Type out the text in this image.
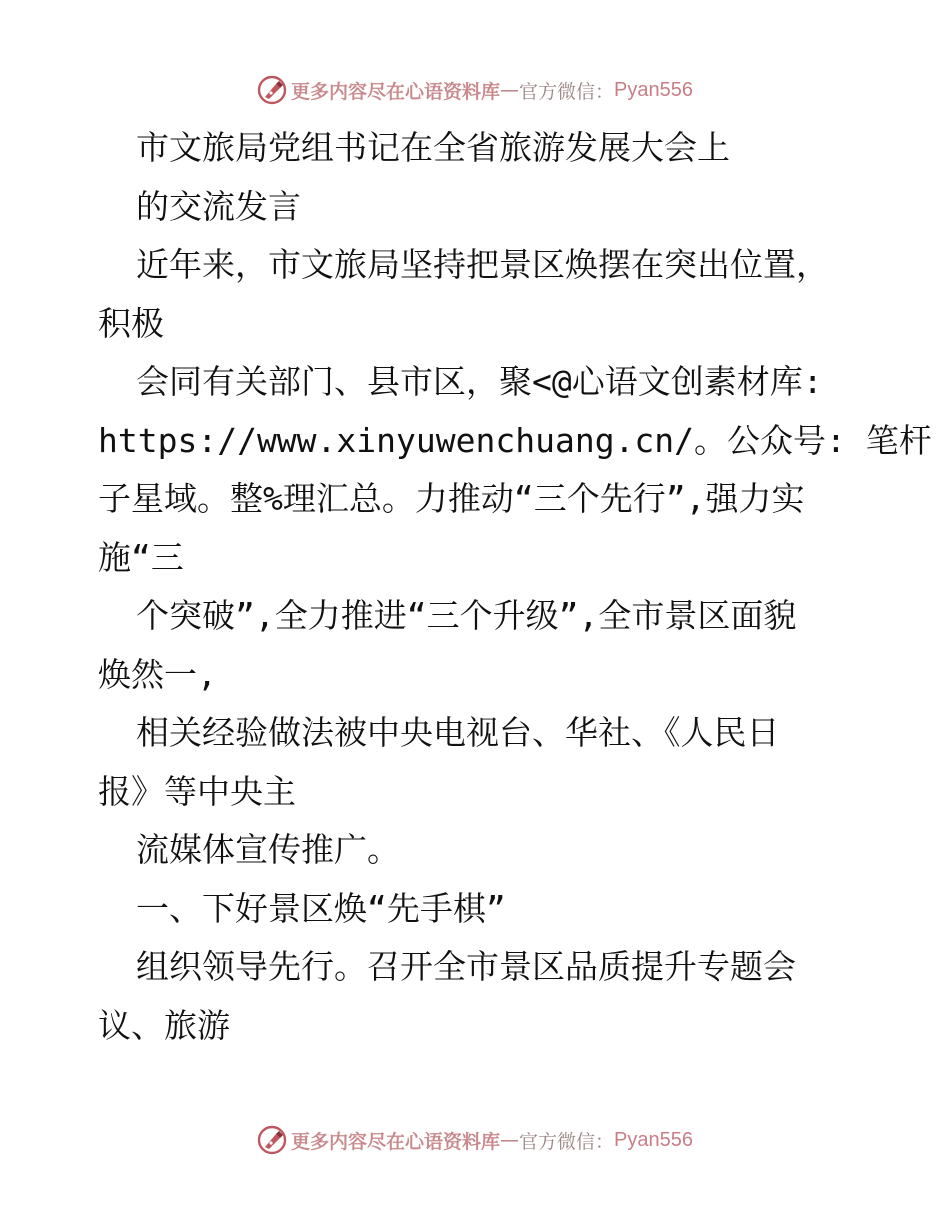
更多内容尽在心语资料库 — 官方微信： Pyan556
市文旅局党组书记在全省旅游发展大会上
的交流发言
近年来，市文旅局坚持把景区焕摆在突出位置，
积极
会同有关部门、县市区，聚<@心语文创素材库:
https://www.xinyuwenchuang.cn/。公众号: 笔杆
子星域。整%理汇总。力推动“三个先行”,强力实
施“三
个突破”,全力推进“三个升级”,全市景区面貌
焕然一,
相关经验做法被中央电视台、华社、《人民日
报》等中央主
流媒体宣传推广。
一、下好景区焕“先手棋”
组织领导先行。召开全市景区品质提升专题会
议、旅游
更多内容尽在心语资料库 — 官方微信： Pyan556
